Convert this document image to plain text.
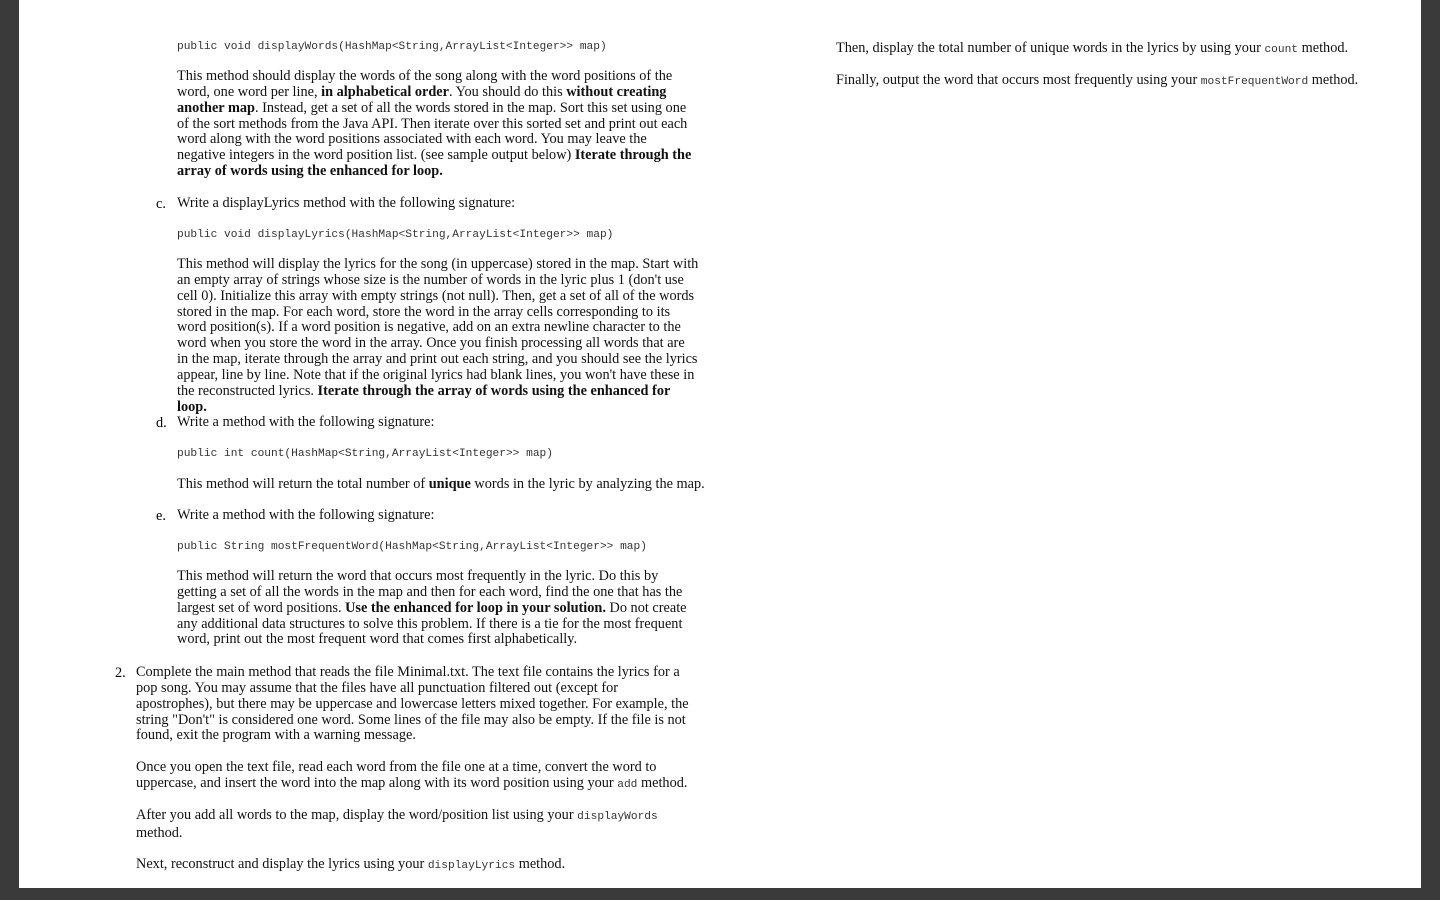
public void displayWords(HashMap<String,ArrayList<Integer>> map)

This method should display the words of the song along with the word positions of the word, one word per line, in alphabetical order. You should do this without creating another map. Instead, get a set of all the words stored in the map. Sort this set using one of the sort methods from the Java API. Then iterate over this sorted set and print out each word along with the word positions associated with each word. You may leave the negative integers in the word position list. (see sample output below) Iterate through the array of words using the enhanced for loop.

c. Write a displayLyrics method with the following signature:

public void displayLyrics(HashMap<String,ArrayList<Integer>> map)

This method will display the lyrics for the song (in uppercase) stored in the map. Start with an empty array of strings whose size is the number of words in the lyric plus 1 (don't use cell 0). Initialize this array with empty strings (not null). Then, get a set of all of the words stored in the map. For each word, store the word in the array cells corresponding to its word position(s). If a word position is negative, add on an extra newline character to the word when you store the word in the array. Once you finish processing all words that are in the map, iterate through the array and print out each string, and you should see the lyrics appear, line by line. Note that if the original lyrics had blank lines, you won't have these in the reconstructed lyrics. Iterate through the array of words using the enhanced for loop.

d. Write a method with the following signature:

public int count(HashMap<String,ArrayList<Integer>> map)

This method will return the total number of unique words in the lyric by analyzing the map.

e. Write a method with the following signature:

public String mostFrequentWord(HashMap<String,ArrayList<Integer>> map)

This method will return the word that occurs most frequently in the lyric. Do this by getting a set of all the words in the map and then for each word, find the one that has the largest set of word positions. Use the enhanced for loop in your solution. Do not create any additional data structures to solve this problem. If there is a tie for the most frequent word, print out the most frequent word that comes first alphabetically.

2. Complete the main method that reads the file Minimal.txt. The text file contains the lyrics for a pop song. You may assume that the files have all punctuation filtered out (except for apostrophes), but there may be uppercase and lowercase letters mixed together. For example, the string "Don't" is considered one word. Some lines of the file may also be empty. If the file is not found, exit the program with a warning message.

Once you open the text file, read each word from the file one at a time, convert the word to uppercase, and insert the word into the map along with its word position using your add method.

After you add all words to the map, display the word/position list using your displayWords
method.

Next, reconstruct and display the lyrics using your displayLyrics method.

Then, display the total number of unique words in the lyrics by using your count method.

Finally, output the word that occurs most frequently using your mostFrequentWord method.
